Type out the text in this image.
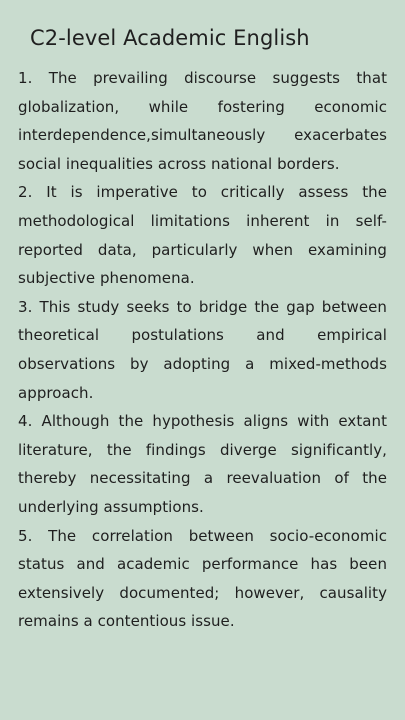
C2-level Academic English
1. The prevailing discourse suggests that globalization, while fostering economic interdependence,simultaneously exacerbates social inequalities across national borders.
2. It is imperative to critically assess the methodological limitations inherent in self-reported data, particularly when examining subjective phenomena.
3. This study seeks to bridge the gap between theoretical postulations and empirical observations by adopting a mixed-methods approach.
4. Although the hypothesis aligns with extant literature, the findings diverge significantly, thereby necessitating a reevaluation of the underlying assumptions.
5. The correlation between socio-economic status and academic performance has been extensively documented; however, causality remains a contentious issue.
